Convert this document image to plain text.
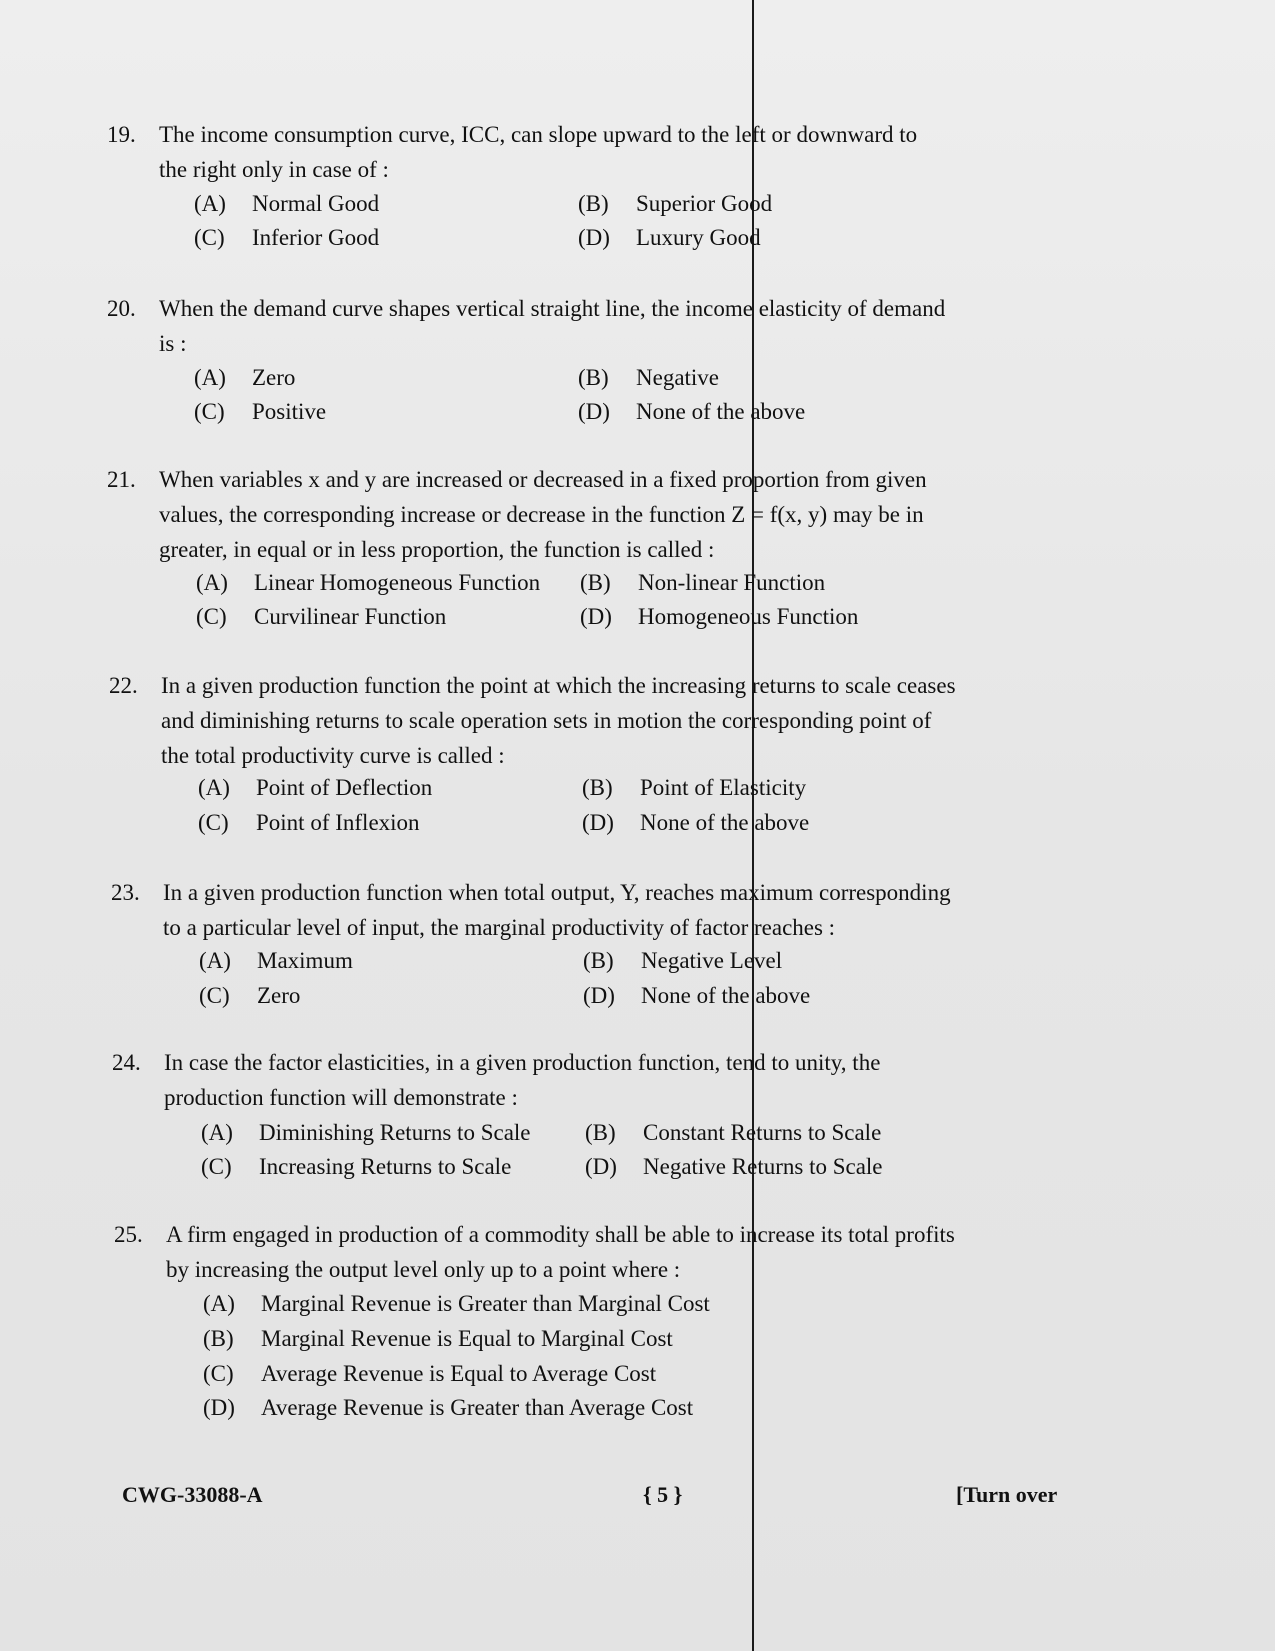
19.	The income consumption curve, ICC, can slope upward to the left or downward to
the right only in case of :
(A) Normal Good	(B) Superior Good
(C) Inferior Good	(D) Luxury Good
20.	When the demand curve shapes vertical straight line, the income elasticity of demand
is :
(A) Zero	(B) Negative
(C) Positive	(D) None of the above
21.	When variables x and y are increased or decreased in a fixed proportion from given
values, the corresponding increase or decrease in the function Z = f(x, y) may be in
greater, in equal or in less proportion, the function is called :
(A) Linear Homogeneous Function (B) Non-linear Function
(C) Curvilinear Function	(D) Homogeneous Function
22.	In a given production function the point at which the increasing returns to scale ceases
and diminishing returns to scale operation sets in motion the corresponding point of
the total productivity curve is called :
(A) Point of Deflection	(B) Point of Elasticity
(C) Point of Inflexion	(D) None of the above
23.	In a given production function when total output, Y, reaches maximum corresponding
to a particular level of input, the marginal productivity of factor reaches :
(A) Maximum	(B) Negative Level
(C) Zero	(D) None of the above
24.	In case the factor elasticities, in a given production function, tend to unity, the
production function will demonstrate :
(A) Diminishing Returns to Scale (B) Constant Returns to Scale
(C) Increasing Returns to Scale	(D) Negative Returns to Scale
25.	A firm engaged in production of a commodity shall be able to increase its total profits
by increasing the output level only up to a point where :
(A) Marginal Revenue is Greater than Marginal Cost
(B) Marginal Revenue is Equal to Marginal Cost
(C) Average Revenue is Equal to Average Cost
(D) Average Revenue is Greater than Average Cost
CWG-33088-A	{ 5 }	[Turn over
